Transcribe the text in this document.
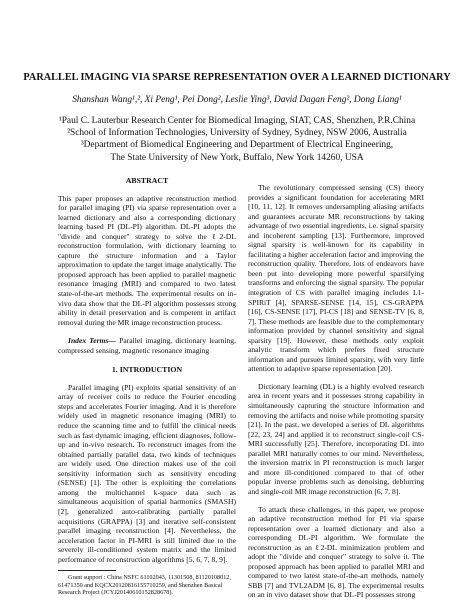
PARALLEL IMAGING VIA SPARSE REPRESENTATION OVER A LEARNED DICTIONARY
Shanshan Wang¹,², Xi Peng¹, Pei Dong², Leslie Ying³, David Dagan Feng², Dong Liang¹
¹Paul C. Lauterbur Research Center for Biomedical Imaging, SIAT, CAS, Shenzhen, P.R.China
²School of Information Technologies, University of Sydney, Sydney, NSW 2006, Australia
³Department of Biomedical Engineering and Department of Electrical Engineering,
The State University of New York, Buffalo, New York 14260, USA

ABSTRACT

This paper proposes an adaptive reconstruction method for parallel imaging (PI) via sparse representation over a learned dictionary and also a corresponding dictionary learning based PI (DL-PI) algorithm. DL-PI adopts the "divide and conquer" strategy to solve the ℓ2-DL reconstruction formulation, with dictionary learning to capture the structure information and a Taylor approximation to update the target image analytically. The proposed approach has been applied to parallel magnetic resonance imaging (MRI) and compared to two latest state-of-the-art methods. The experimental results on in-vivo data show that the DL-PI algorithm possesses strong ability in detail preservation and is competent in artifact removal during the MR image reconstruction process.

Index Terms— Parallel imaging, dictionary learning, compressed sensing, magnetic resonance imaging

1. INTRODUCTION

Parallel imaging (PI) exploits spatial sensitivity of an array of receiver coils to reduce the Fourier encoding steps and accelerates Fourier imaging. And it is therefore widely used in magnetic resonance imaging (MRI) to reduce the scanning time and to fulfill the clinical needs such as fast dynamic imaging, efficient diagnoses, follow-up and in-vivo research. To reconstruct images from the obtained partially parallel data, two kinds of techniques are widely used. One direction makes use of the coil sensitivity information such as sensitivity encoding (SENSE) [1]. The other is exploiting the correlations among the multichannel k-space data such as simultaneous acquisition of spatial harmonics (SMASH) [2], generalized auto-calibrating partially parallel acquisitions (GRAPPA) [3] and iterative self-consistent parallel imaging reconstruction [4]. Nevertheless, the acceleration factor in PI-MRI is still limited due to the severely ill-conditioned system matrix and the limited performance of reconstruction algorithms [5, 6, 7, 8, 9].

Grant support : China NSFC 61102043, 11301508, 81120108012, 61471350 and KQCX20120816155710259, and Shenzhen Basical Research Project (JCYJ20140610152828678).

The revolutionary compressed sensing (CS) theory provides a significant foundation for accelerating MRI [10, 11, 12]. It removes undersampling aliasing artifacts and guarantees accurate MR reconstructions by taking advantage of two essential ingredients, i.e. signal sparsity and incoherent sampling [13]. Furthermore, improved signal sparsity is well-known for its capability in facilitating a higher acceleration factor and improving the reconstruction quality. Therefore, lots of endeavors have been put into developing more powerful sparsifying transforms and enforcing the signal sparsity. The popular integration of CS with parallel imaging includes L1-SPIRiT [4], SPARSE-SENSE [14, 15], CS-GRAPPA [16], CS-SENSE [17], PI-CS [18] and SENSE-TV [6, 8, 7]. These methods are feasible due to the complementary information provided by channel sensitivity and signal sparsity [19]. However, these methods only exploit analytic transform which prefers fixed structure information and pursues limited sparsity, with very little attention to adaptive sparse representation [20].

Dictionary learning (DL) is a highly evolved research area in recent years and it possesses strong capability in simultaneously capturing the structure information and removing the artifacts and noise while promoting sparsity [21]. In the past, we developed a series of DL algorithms [22, 23, 24] and applied it to reconstruct single-coil CS-MRI successfully [25]. Therefore, incorporating DL into parallel MRI naturally comes to our mind. Nevertheless, the inversion matrix in PI reconstruction is much larger and more ill-conditioned compared to that of other popular inverse problems such as denoising, deblurring and single-coil MR image reconstruction [6, 7, 8].

To attack these challenges, in this paper, we propose an adaptive reconstruction method for PI via sparse representation over a learned dictionary and also a corresponding DL-PI algorithm. We formulate the reconstruction as an ℓ2-DL minimization problem and adopt the "divide and conquer" strategy to solve it. The proposed approach has been applied to parallel MRI and compared to two latest state-of-the-art methods, namely SBB [7] and TVL2ADM [6, 8]. The experimental results on an in vivo dataset show that DL-PI possesses strong
